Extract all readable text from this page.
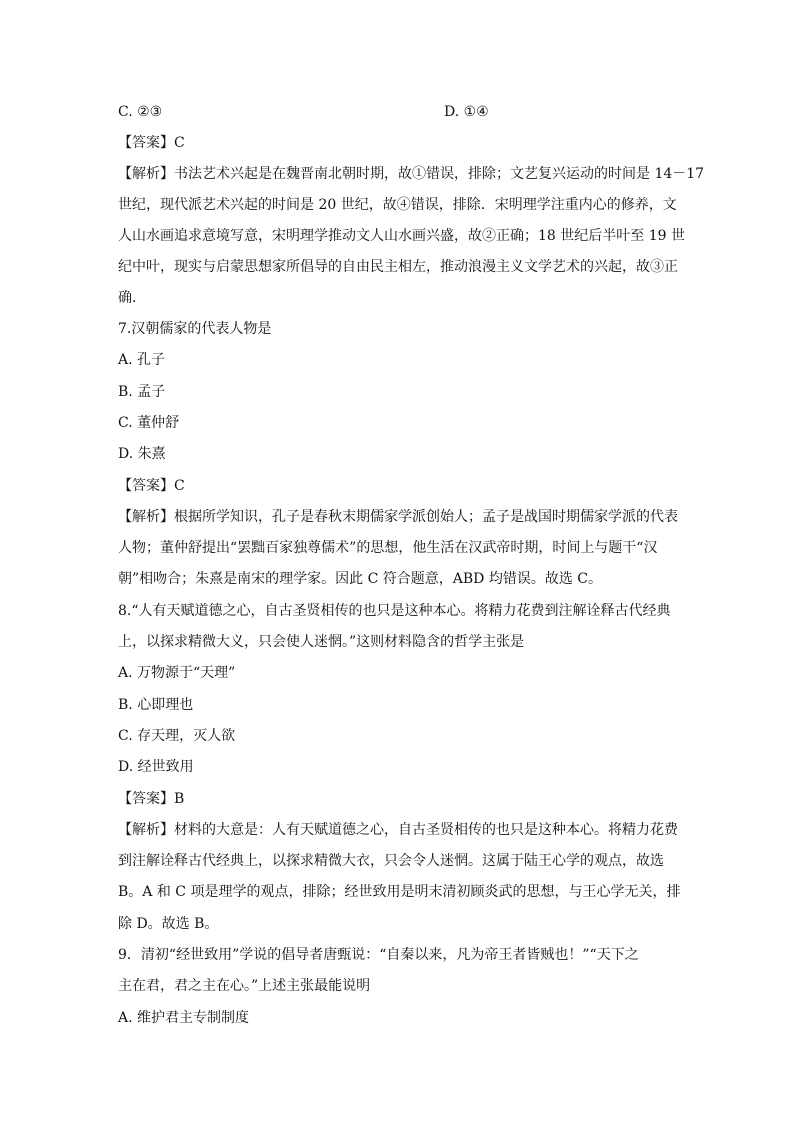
C. ②③	D. ①④
【答案】C
【解析】书法艺术兴起是在魏晋南北朝时期，故①错误，排除；文艺复兴运动的时间是 14－17
世纪，现代派艺术兴起的时间是 20 世纪，故④错误，排除．宋明理学注重内心的修养，文
人山水画追求意境写意，宋明理学推动文人山水画兴盛，故②正确；18 世纪后半叶至 19 世
纪中叶，现实与启蒙思想家所倡导的自由民主相左，推动浪漫主义文学艺术的兴起，故③正
确．
7.汉朝儒家的代表人物是
A. 孔子
B. 孟子
C. 董仲舒
D. 朱熹
【答案】C
【解析】根据所学知识，孔子是春秋末期儒家学派创始人；孟子是战国时期儒家学派的代表
人物；董仲舒提出“罢黜百家独尊儒术”的思想，他生活在汉武帝时期，时间上与题干“汉
朝”相吻合；朱熹是南宋的理学家。因此 C 符合题意，ABD 均错误。故选 C。
8.“人有天赋道德之心，自古圣贤相传的也只是这种本心。将精力花费到注解诠释古代经典
上，以探求精微大义，只会使人迷惘。”这则材料隐含的哲学主张是
A. 万物源于“天理”
B. 心即理也
C. 存天理，灭人欲
D. 经世致用
【答案】B
【解析】材料的大意是：人有天赋道德之心，自古圣贤相传的也只是这种本心。将精力花费
到注解诠释古代经典上，以探求精微大衣，只会令人迷惘。这属于陆王心学的观点，故选
B。A 和 C 项是理学的观点，排除；经世致用是明末清初顾炎武的思想，与王心学无关，排
除 D。故选 B。
9．清初“经世致用”学说的倡导者唐甄说：“自秦以来，凡为帝王者皆贼也！”“天下之
主在君，君之主在心。”上述主张最能说明
A. 维护君主专制制度
